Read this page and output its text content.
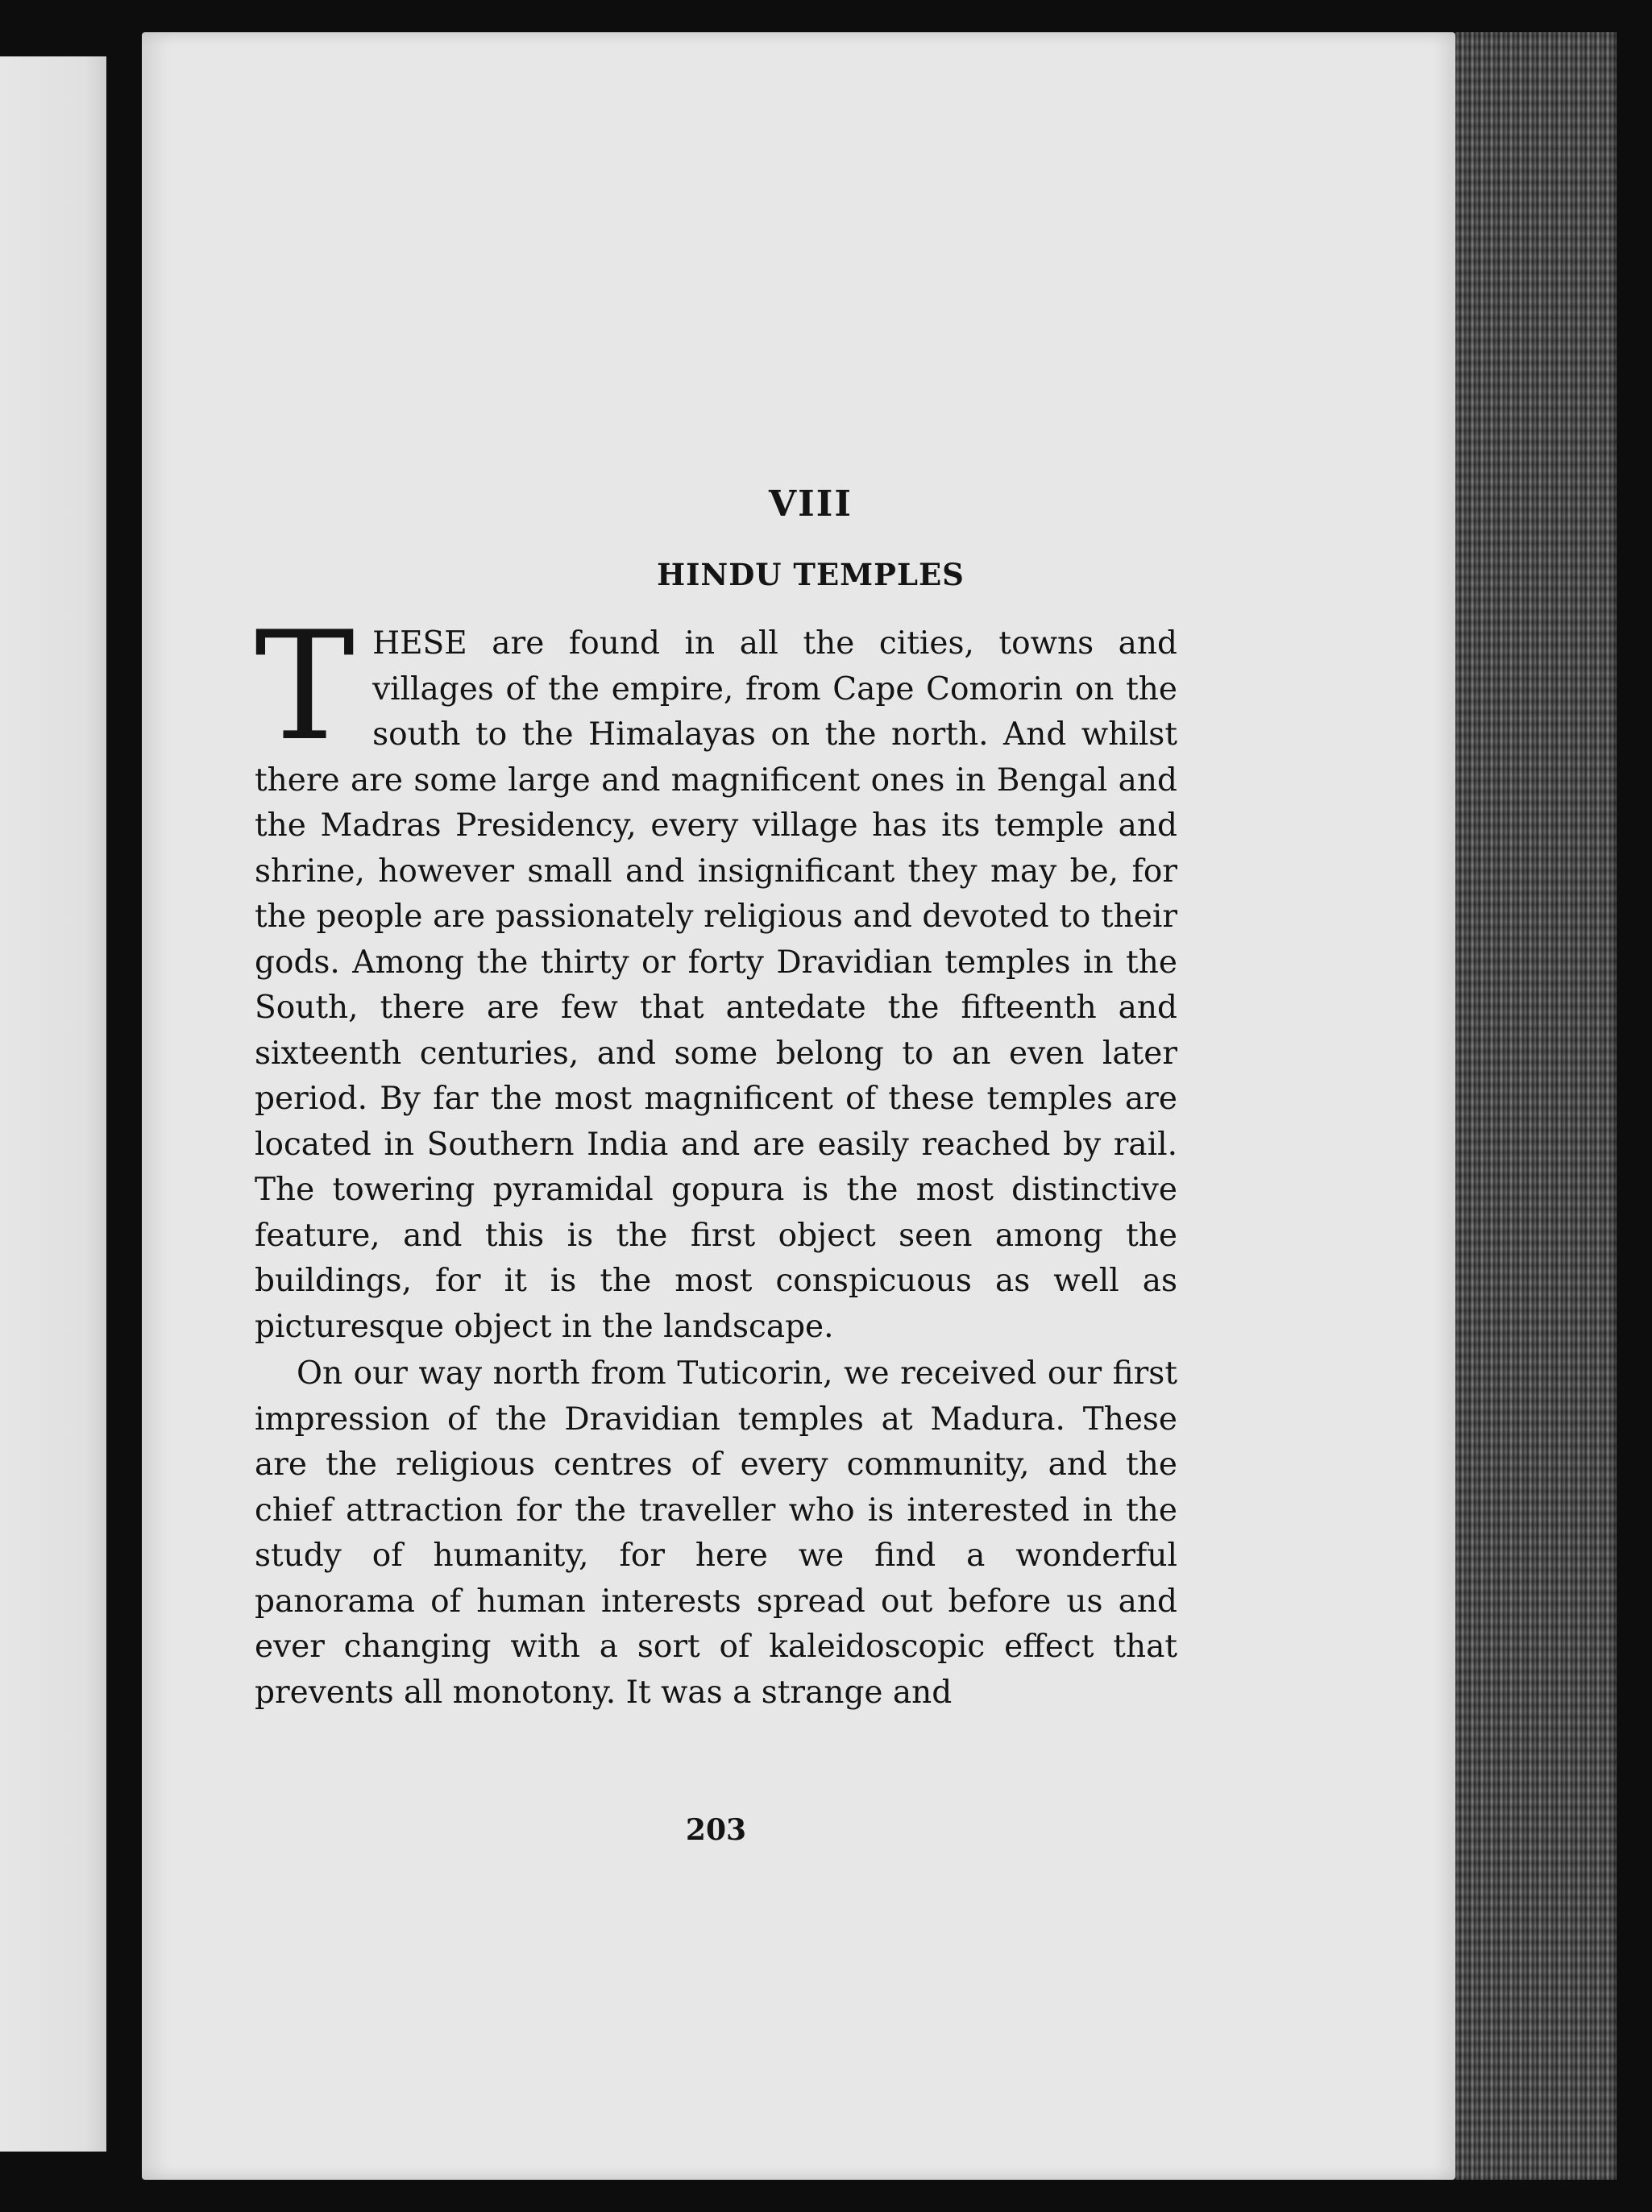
VIII
HINDU TEMPLES

THESE are found in all the cities, towns and villages of the empire, from Cape Comorin on the south to the Himalayas on the north. And whilst there are some large and magnificent ones in Bengal and the Madras Presidency, every village has its temple and shrine, however small and insignificant they may be, for the people are passionately religious and devoted to their gods. Among the thirty or forty Dravidian temples in the South, there are few that antedate the fifteenth and sixteenth centuries, and some belong to an even later period. By far the most magnificent of these temples are located in Southern India and are easily reached by rail. The towering pyramidal gopura is the most distinctive feature, and this is the first object seen among the buildings, for it is the most conspicuous as well as picturesque object in the landscape.

On our way north from Tuticorin, we received our first impression of the Dravidian temples at Madura. These are the religious centres of every community, and the chief attraction for the traveller who is interested in the study of humanity, for here we find a wonderful panorama of human interests spread out before us and ever changing with a sort of kaleidoscopic effect that prevents all monotony. It was a strange and

203
